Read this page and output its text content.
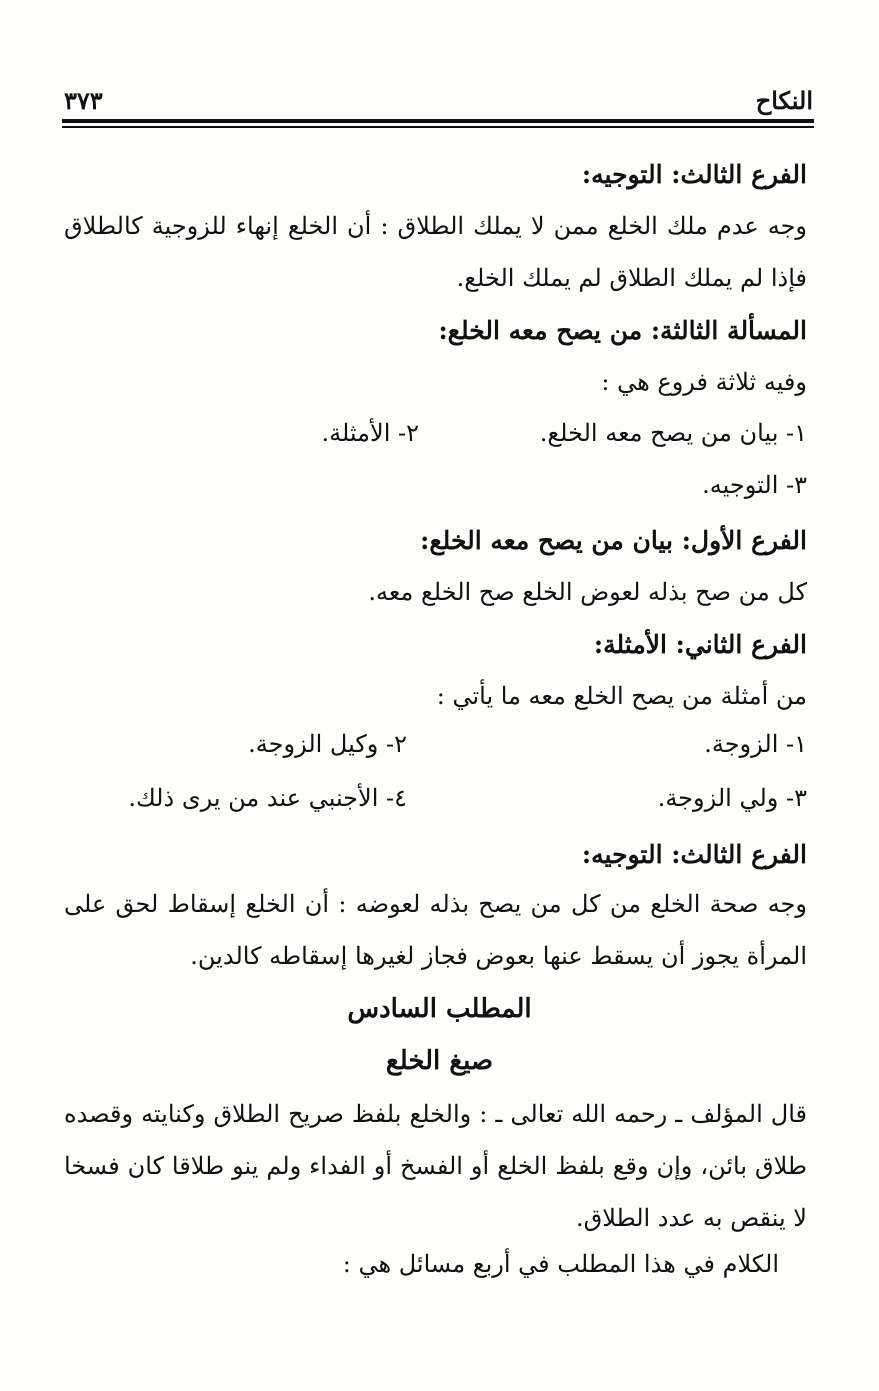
النكاح
٣٧٣
الفرع الثالث: التوجيه:
وجه عدم ملك الخلع ممن لا يملك الطلاق : أن الخلع إنهاء للزوجية كالطلاق
فإذا لم يملك الطلاق لم يملك الخلع.
المسألة الثالثة: من يصح معه الخلع:
وفيه ثلاثة فروع هي :
١- بيان من يصح معه الخلع.
٢- الأمثلة.
٣- التوجيه.
الفرع الأول: بيان من يصح معه الخلع:
كل من صح بذله لعوض الخلع صح الخلع معه.
الفرع الثاني: الأمثلة:
من أمثلة من يصح الخلع معه ما يأتي :
١- الزوجة.
٢- وكيل الزوجة.
٣- ولي الزوجة.
٤- الأجنبي عند من يرى ذلك.
الفرع الثالث: التوجيه:
وجه صحة الخلع من كل من يصح بذله لعوضه : أن الخلع إسقاط لحق على
المرأة يجوز أن يسقط عنها بعوض فجاز لغيرها إسقاطه كالدين.
المطلب السادس
صيغ الخلع
قال المؤلف ـ رحمه الله تعالى ـ : والخلع بلفظ صريح الطلاق وكنايته وقصده
طلاق بائن، وإن وقع بلفظ الخلع أو الفسخ أو الفداء ولم ينو طلاقا كان فسخا
لا ينقص به عدد الطلاق.
الكلام في هذا المطلب في أربع مسائل هي :
